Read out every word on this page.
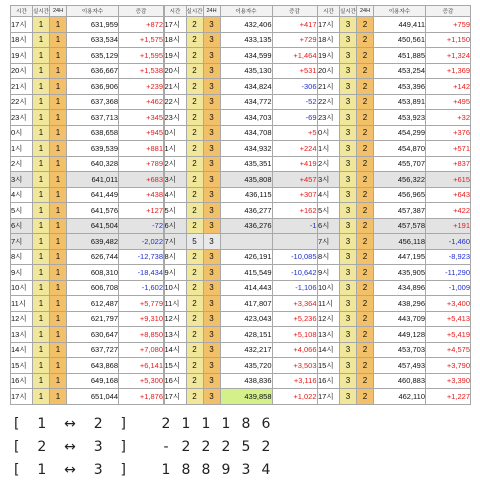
시간	실시간	24H	이용자수	증감
17시	1	1	631,959	+872
18시	1	1	633,534	+1,575
19시	1	1	635,129	+1,595
20시	1	1	636,667	+1,538
21시	1	1	636,906	+239
22시	1	1	637,368	+462
23시	1	1	637,713	+345
0시	1	1	638,658	+945
1시	1	1	639,539	+881
2시	1	1	640,328	+789
3시	1	1	641,011	+683
4시	1	1	641,449	+438
5시	1	1	641,576	+127
6시	1	1	641,504	-72
7시	1	1	639,482	-2,022
8시	1	1	626,744	-12,738
9시	1	1	608,310	-18,434
10시	1	1	606,708	-1,602
11시	1	1	612,487	+5,779
12시	1	1	621,797	+9,310
13시	1	1	630,647	+8,850
14시	1	1	637,727	+7,080
15시	1	1	643,868	+6,141
16시	1	1	649,168	+5,300
17시	1	1	651,044	+1,876
시간	실시간	24H	이용자수	증감
17시	2	3	432,406	+417
18시	2	3	433,135	+729
19시	2	3	434,599	+1,464
20시	2	3	435,130	+531
21시	2	3	434,824	-306
22시	2	3	434,772	-52
23시	2	3	434,703	-69
0시	2	3	434,708	+5
1시	2	3	434,932	+224
2시	2	3	435,351	+419
3시	2	3	435,808	+457
4시	2	3	436,115	+307
5시	2	3	436,277	+162
6시	2	3	436,276	-1
7시	5	3		
8시	2	3	426,191	-10,085
9시	2	3	415,549	-10,642
10시	2	3	414,443	-1,106
11시	2	3	417,807	+3,364
12시	2	3	423,043	+5,236
13시	2	3	428,151	+5,108
14시	2	3	432,217	+4,066
15시	2	3	435,720	+3,503
16시	2	3	438,836	+3,116
17시	2	3	439,858	+1,022
시간	실시간	24H	이용자수	증감
17시	3	2	449,411	+759
18시	3	2	450,561	+1,150
19시	3	2	451,885	+1,324
20시	3	2	453,254	+1,369
21시	3	2	453,396	+142
22시	3	2	453,891	+495
23시	3	2	453,923	+32
0시	3	2	454,299	+376
1시	3	2	454,870	+571
2시	3	2	455,707	+837
3시	3	2	456,322	+615
4시	3	2	456,965	+643
5시	3	2	457,387	+422
6시	3	2	457,578	+191
7시	3	2	456,118	-1,460
8시	3	2	447,195	-8,923
9시	3	2	435,905	-11,290
10시	3	2	434,896	-1,009
11시	3	2	438,296	+3,400
12시	3	2	443,709	+5,413
13시	3	2	449,128	+5,419
14시	3	2	453,703	+4,575
15시	3	2	457,493	+3,790
16시	3	2	460,883	+3,390
17시	3	2	462,110	+1,227
[ 1 ↔ 2 ]	2 1 1 1 8 6
[ 2 ↔ 3 ]	- 2 2 2 5 2
[ 1 ↔ 3 ]	1 8 8 9 3 4
